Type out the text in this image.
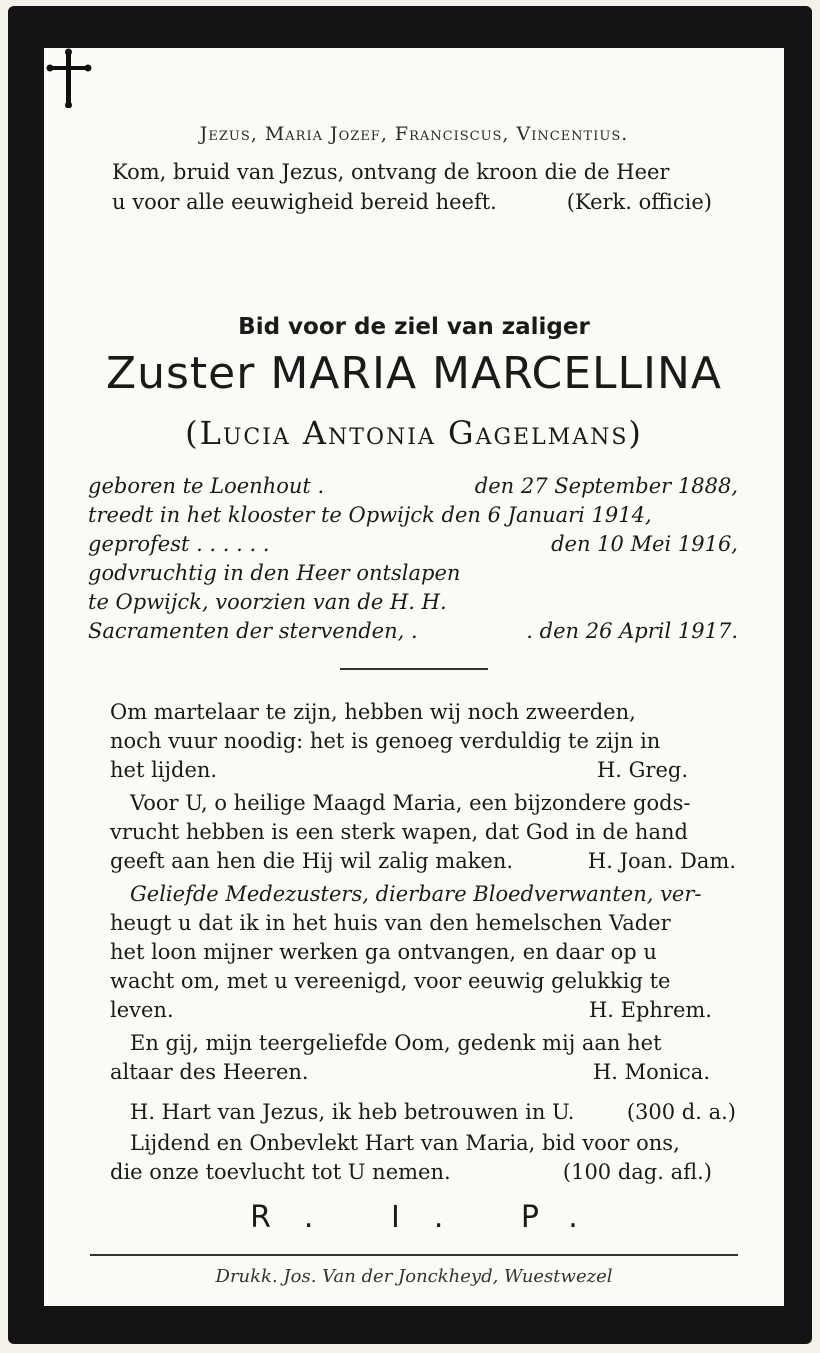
Jezus, Maria Jozef, Franciscus, Vincentius.
Kom, bruid van Jezus, ontvang de kroon die de Heer
u voor alle eeuwigheid bereid heeft.	(Kerk. officie)
Bid voor de ziel van zaliger
Zuster MARIA MARCELLINA
(Lucia Antonia Gagelmans)
geboren te Loenhout .	den 27 September 1888,
treedt in het klooster te Opwijck den 6 Januari 1914,
geprofest . . . . . .	den 10 Mei 1916,
godvruchtig in den Heer ontslapen
te Opwijck, voorzien van de H. H.
Sacramenten der stervenden, .	. den 26 April 1917.
Om martelaar te zijn, hebben wij noch zweerden,
noch vuur noodig: het is genoeg verduldig te zijn in
het lijden.	H. Greg.
Voor U, o heilige Maagd Maria, een bijzondere gods-
vrucht hebben is een sterk wapen, dat God in de hand
geeft aan hen die Hij wil zalig maken.	H. Joan. Dam.
Geliefde Medezusters, dierbare Bloedverwanten, ver-
heugt u dat ik in het huis van den hemelschen Vader
het loon mijner werken ga ontvangen, en daar op u
wacht om, met u vereenigd, voor eeuwig gelukkig te
leven.	H. Ephrem.
En gij, mijn teergeliefde Oom, gedenk mij aan het
altaar des Heeren.	H. Monica.
H. Hart van Jezus, ik heb betrouwen in U. (300 d. a.)
Lijdend en Onbevlekt Hart van Maria, bid voor ons,
die onze toevlucht tot U nemen.	(100 dag. afl.)
R. I. P.
Drukk. Jos. Van der Jonckheyd, Wuestwezel
